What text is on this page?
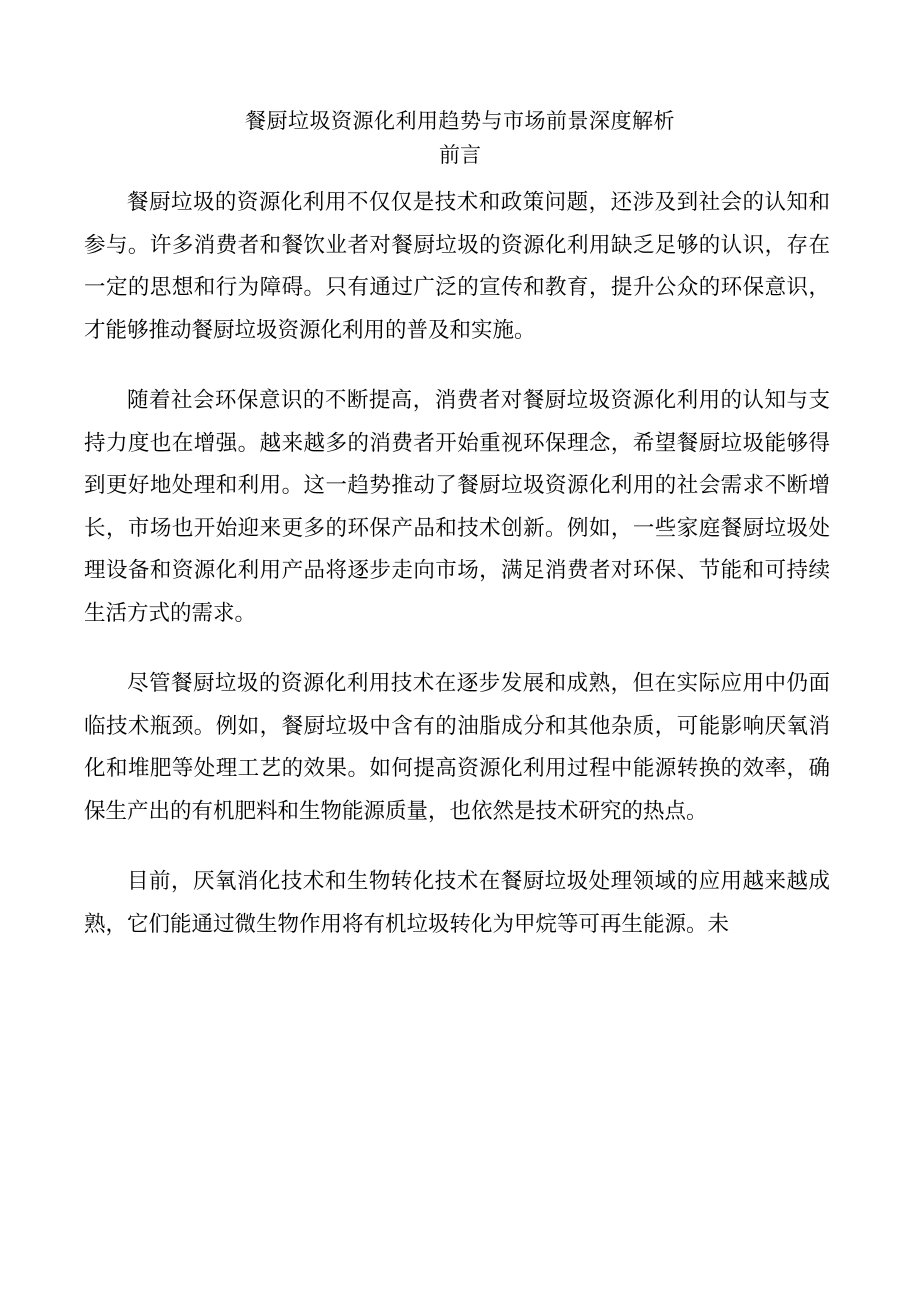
餐厨垃圾资源化利用趋势与市场前景深度解析
前言

餐厨垃圾的资源化利用不仅仅是技术和政策问题，还涉及到社会的认知和参与。许多消费者和餐饮业者对餐厨垃圾的资源化利用缺乏足够的认识，存在一定的思想和行为障碍。只有通过广泛的宣传和教育，提升公众的环保意识，才能够推动餐厨垃圾资源化利用的普及和实施。

随着社会环保意识的不断提高，消费者对餐厨垃圾资源化利用的认知与支持力度也在增强。越来越多的消费者开始重视环保理念，希望餐厨垃圾能够得到更好地处理和利用。这一趋势推动了餐厨垃圾资源化利用的社会需求不断增长，市场也开始迎来更多的环保产品和技术创新。例如，一些家庭餐厨垃圾处理设备和资源化利用产品将逐步走向市场，满足消费者对环保、节能和可持续生活方式的需求。

尽管餐厨垃圾的资源化利用技术在逐步发展和成熟，但在实际应用中仍面临技术瓶颈。例如，餐厨垃圾中含有的油脂成分和其他杂质，可能影响厌氧消化和堆肥等处理工艺的效果。如何提高资源化利用过程中能源转换的效率，确保生产出的有机肥料和生物能源质量，也依然是技术研究的热点。

目前，厌氧消化技术和生物转化技术在餐厨垃圾处理领域的应用越来越成熟，它们能通过微生物作用将有机垃圾转化为甲烷等可再生能源。未
